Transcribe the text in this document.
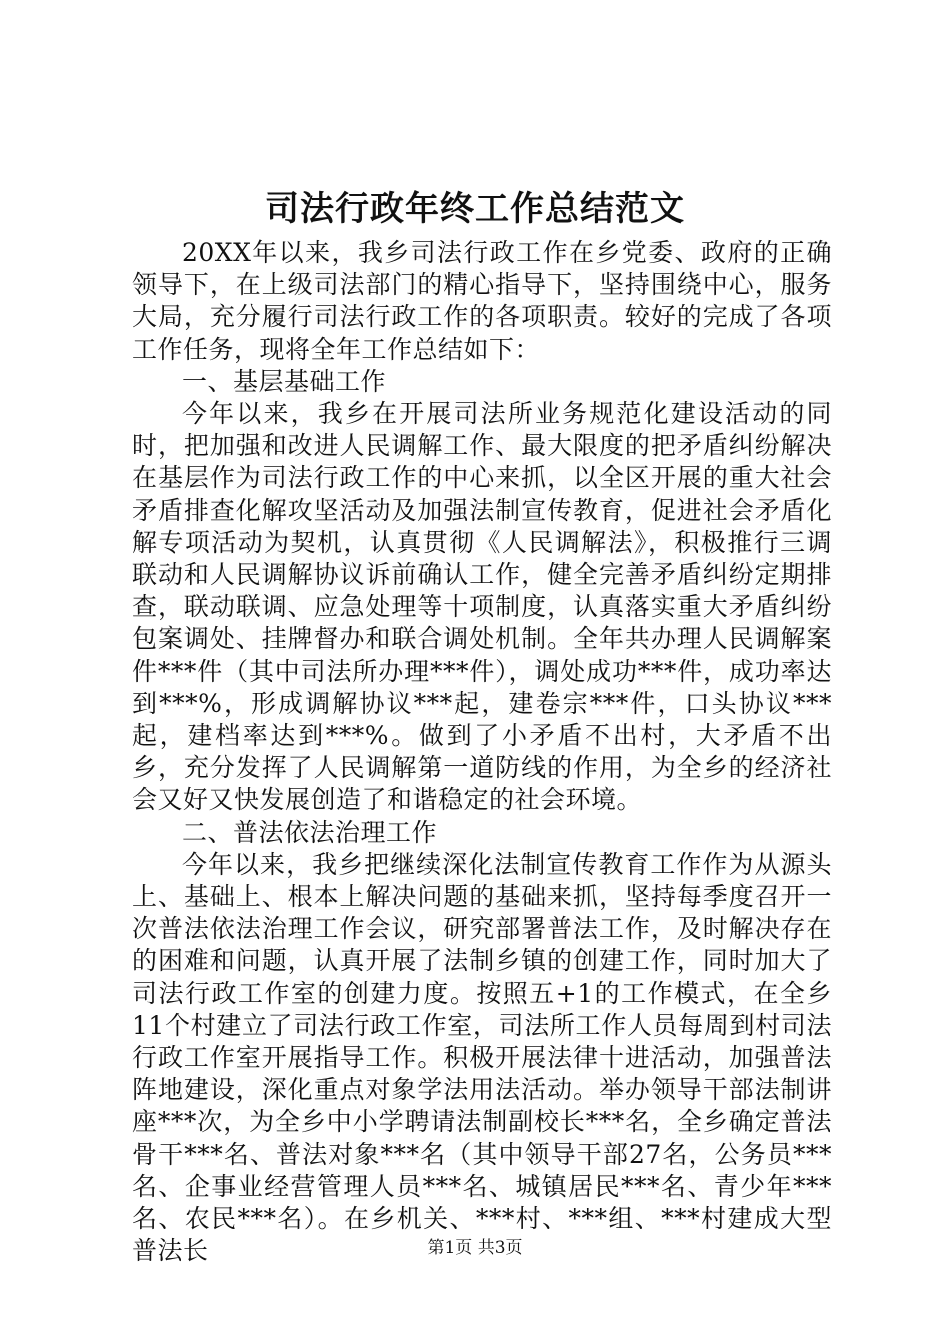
司法行政年终工作总结范文

20XX年以来，我乡司法行政工作在乡党委、政府的正确领导下，在上级司法部门的精心指导下，坚持围绕中心，服务大局，充分履行司法行政工作的各项职责。较好的完成了各项工作任务，现将全年工作总结如下：

一、基层基础工作

今年以来，我乡在开展司法所业务规范化建设活动的同时，把加强和改进人民调解工作、最大限度的把矛盾纠纷解决在基层作为司法行政工作的中心来抓，以全区开展的重大社会矛盾排查化解攻坚活动及加强法制宣传教育，促进社会矛盾化解专项活动为契机，认真贯彻《人民调解法》，积极推行三调联动和人民调解协议诉前确认工作，健全完善矛盾纠纷定期排查，联动联调、应急处理等十项制度，认真落实重大矛盾纠纷包案调处、挂牌督办和联合调处机制。全年共办理人民调解案件***件（其中司法所办理***件），调处成功***件，成功率达到***%，形成调解协议***起，建卷宗***件，口头协议***起，建档率达到***%。做到了小矛盾不出村，大矛盾不出乡，充分发挥了人民调解第一道防线的作用，为全乡的经济社会又好又快发展创造了和谐稳定的社会环境。

二、普法依法治理工作

今年以来，我乡把继续深化法制宣传教育工作作为从源头上、基础上、根本上解决问题的基础来抓，坚持每季度召开一次普法依法治理工作会议，研究部署普法工作，及时解决存在的困难和问题，认真开展了法制乡镇的创建工作，同时加大了司法行政工作室的创建力度。按照五+1的工作模式，在全乡11个村建立了司法行政工作室，司法所工作人员每周到村司法行政工作室开展指导工作。积极开展法律十进活动，加强普法阵地建设，深化重点对象学法用法活动。举办领导干部法制讲座***次，为全乡中小学聘请法制副校长***名，全乡确定普法骨干***名、普法对象***名（其中领导干部27名，公务员***名、企事业经营管理人员***名、城镇居民***名、青少年***名、农民***名）。在乡机关、***村、***组、***村建成大型普法长	第1页 共3页
